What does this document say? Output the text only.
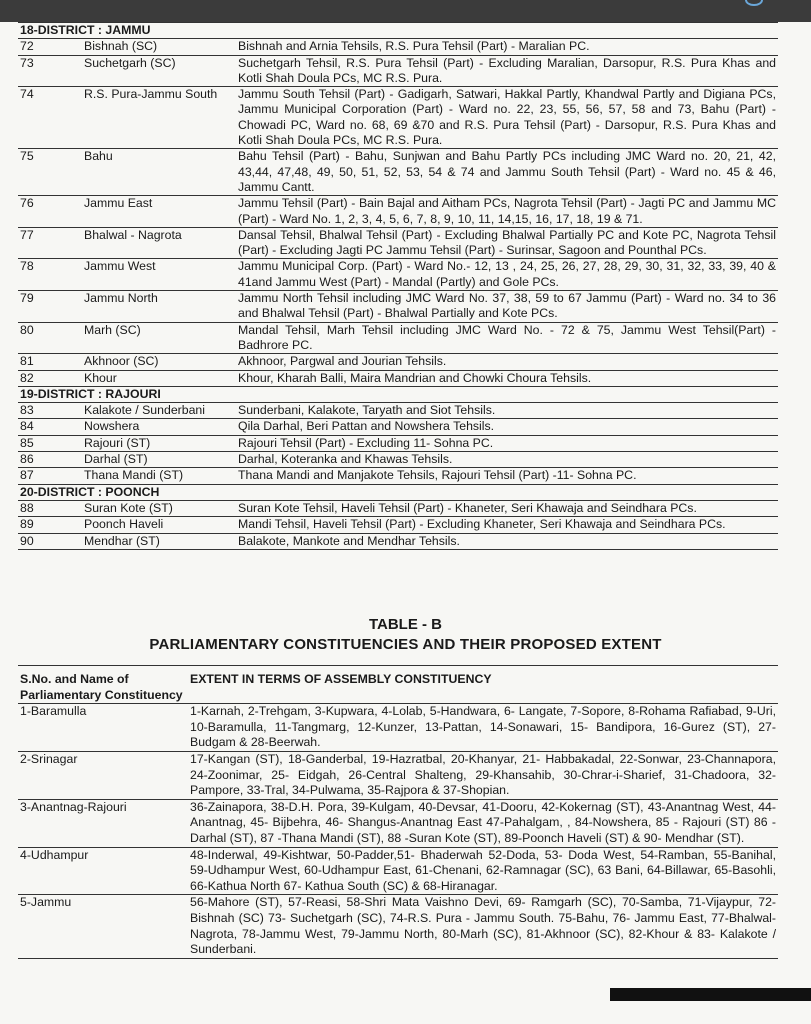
18-DISTRICT : JAMMU		
72	Bishnah (SC)	Bishnah and Arnia Tehsils, R.S. Pura Tehsil (Part) - Maralian PC.
73	Suchetgarh (SC)	Suchetgarh Tehsil, R.S. Pura Tehsil (Part) - Excluding Maralian, Darsopur, R.S. Pura Khas and Kotli Shah Doula PCs, MC R.S. Pura.
74	R.S. Pura-Jammu South	Jammu South Tehsil (Part) - Gadigarh, Satwari, Hakkal Partly, Khandwal Partly and Digiana PCs, Jammu Municipal Corporation (Part) - Ward no. 22, 23, 55, 56, 57, 58 and 73, Bahu (Part) - Chowadi PC, Ward no. 68, 69 &70 and R.S. Pura Tehsil (Part) - Darsopur, R.S. Pura Khas and Kotli Shah Doula PCs, MC R.S. Pura.
75	Bahu	Bahu Tehsil (Part) - Bahu, Sunjwan and Bahu Partly PCs including JMC Ward no. 20, 21, 42, 43,44, 47,48, 49, 50, 51, 52, 53, 54 & 74 and Jammu South Tehsil (Part) - Ward no. 45 & 46, Jammu Cantt.
76	Jammu East	Jammu Tehsil (Part) - Bain Bajal and Aitham PCs, Nagrota Tehsil (Part) - Jagti PC and Jammu MC (Part) - Ward No. 1, 2, 3, 4, 5, 6, 7, 8, 9, 10, 11, 14,15, 16, 17, 18, 19 & 71.
77	Bhalwal - Nagrota	Dansal Tehsil, Bhalwal Tehsil (Part) - Excluding Bhalwal Partially PC and Kote PC, Nagrota Tehsil (Part) - Excluding Jagti PC Jammu Tehsil (Part) - Surinsar, Sagoon and Pounthal PCs.
78	Jammu West	Jammu Municipal Corp. (Part) - Ward No.- 12, 13 , 24, 25, 26, 27, 28, 29, 30, 31, 32, 33, 39, 40 & 41and Jammu West (Part) - Mandal (Partly) and Gole PCs.
79	Jammu North	Jammu North Tehsil including JMC Ward No. 37, 38, 59 to 67 Jammu (Part) - Ward no. 34 to 36 and Bhalwal Tehsil (Part) - Bhalwal Partially and Kote PCs.
80	Marh (SC)	Mandal Tehsil, Marh Tehsil including JMC Ward No. - 72 & 75, Jammu West Tehsil(Part) - Badhrore PC.
81	Akhnoor (SC)	Akhnoor, Pargwal and Jourian Tehsils.
82	Khour	Khour, Kharah Balli, Maira Mandrian and Chowki Choura Tehsils.
19-DISTRICT : RAJOURI		
83	Kalakote / Sunderbani	Sunderbani, Kalakote, Taryath and Siot Tehsils.
84	Nowshera	Qila Darhal, Beri Pattan and Nowshera Tehsils.
85	Rajouri (ST)	Rajouri Tehsil (Part) - Excluding 11- Sohna PC.
86	Darhal (ST)	Darhal, Koteranka and Khawas Tehsils.
87	Thana Mandi (ST)	Thana Mandi and Manjakote Tehsils, Rajouri Tehsil (Part) -11- Sohna PC.
20-DISTRICT : POONCH		
88	Suran Kote (ST)	Suran Kote Tehsil, Haveli Tehsil (Part) - Khaneter, Seri Khawaja and Seindhara PCs.
89	Poonch Haveli	Mandi Tehsil, Haveli Tehsil (Part) - Excluding Khaneter, Seri Khawaja and Seindhara PCs.
90	Mendhar (ST)	Balakote, Mankote and Mendhar Tehsils.
TABLE - B
PARLIAMENTARY CONSTITUENCIES AND THEIR PROPOSED EXTENT
S.No. and Name of Parliamentary Constituency	EXTENT IN TERMS OF ASSEMBLY CONSTITUENCY
1-Baramulla	1-Karnah, 2-Trehgam, 3-Kupwara, 4-Lolab, 5-Handwara, 6- Langate, 7-Sopore, 8-Rohama Rafiabad, 9-Uri, 10-Baramulla, 11-Tangmarg, 12-Kunzer, 13-Pattan, 14-Sonawari, 15- Bandipora, 16-Gurez (ST), 27-Budgam & 28-Beerwah.
2-Srinagar	17-Kangan (ST), 18-Ganderbal, 19-Hazratbal, 20-Khanyar, 21- Habbakadal, 22-Sonwar, 23-Channapora, 24-Zoonimar, 25- Eidgah, 26-Central Shalteng, 29-Khansahib, 30-Chrar-i-Sharief, 31-Chadoora, 32-Pampore, 33-Tral, 34-Pulwama, 35-Rajpora & 37-Shopian.
3-Anantnag-Rajouri	36-Zainapora, 38-D.H. Pora, 39-Kulgam, 40-Devsar, 41-Dooru, 42-Kokernag (ST), 43-Anantnag West, 44- Anantnag, 45- Bijbehra, 46- Shangus-Anantnag East 47-Pahalgam, , 84-Nowshera, 85 - Rajouri (ST) 86 -Darhal (ST), 87 -Thana Mandi (ST), 88 -Suran Kote (ST), 89-Poonch Haveli (ST) & 90- Mendhar (ST).
4-Udhampur	48-Inderwal, 49-Kishtwar, 50-Padder,51- Bhaderwah 52-Doda, 53- Doda West, 54-Ramban, 55-Banihal, 59-Udhampur West, 60-Udhampur East, 61-Chenani, 62-Ramnagar (SC), 63 Bani, 64-Billawar, 65-Basohli, 66-Kathua North 67- Kathua South (SC) & 68-Hiranagar.
5-Jammu	56-Mahore (ST), 57-Reasi, 58-Shri Mata Vaishno Devi, 69- Ramgarh (SC), 70-Samba, 71-Vijaypur, 72-Bishnah (SC) 73- Suchetgarh (SC), 74-R.S. Pura - Jammu South. 75-Bahu, 76- Jammu East, 77-Bhalwal-Nagrota, 78-Jammu West, 79-Jammu North, 80-Marh (SC), 81-Akhnoor (SC), 82-Khour & 83- Kalakote / Sunderbani.
